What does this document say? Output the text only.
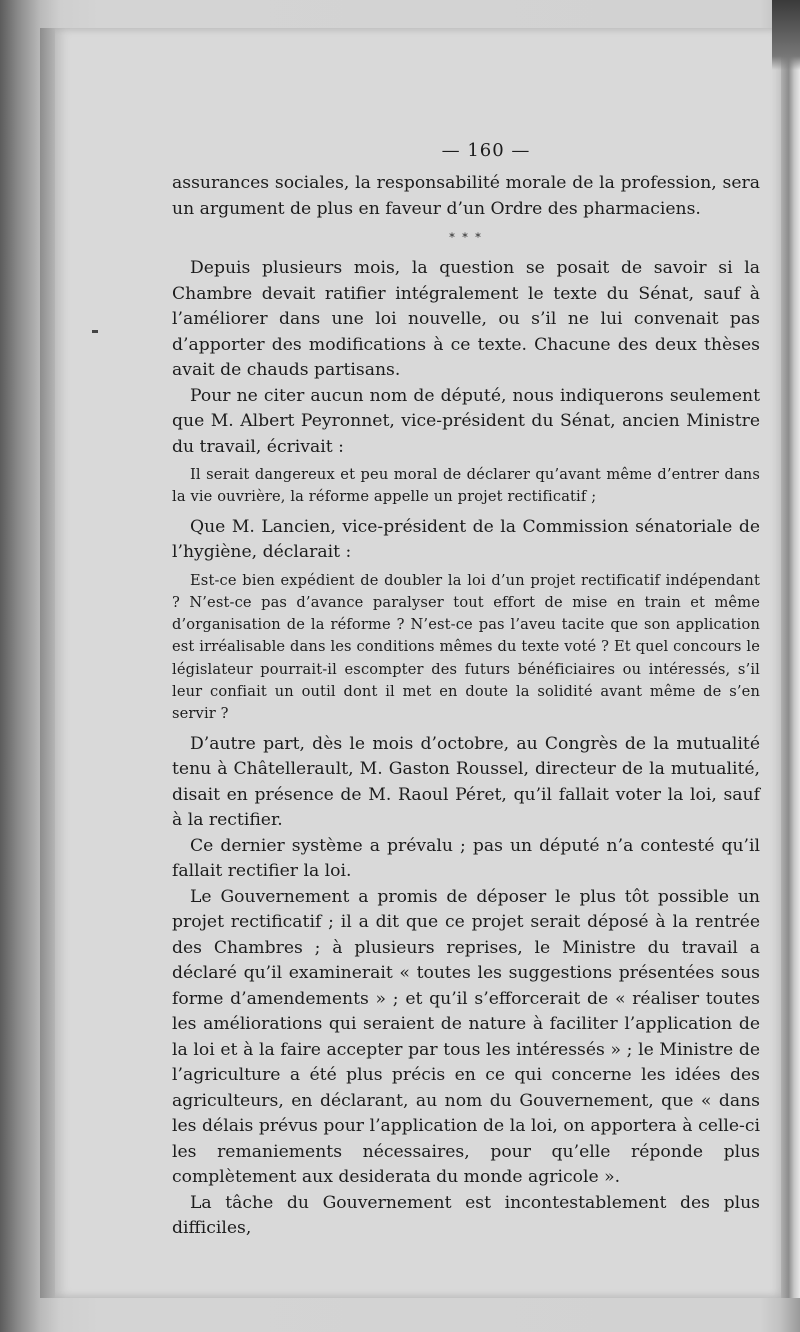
— 160 —

assurances sociales, la responsabilité morale de la profession, sera un argument de plus en faveur d’un Ordre des pharmaciens.

* * *

Depuis plusieurs mois, la question se posait de savoir si la Chambre devait ratifier intégralement le texte du Sénat, sauf à l’améliorer dans une loi nouvelle, ou s’il ne lui convenait pas d’apporter des modifications à ce texte. Chacune des deux thèses avait de chauds partisans.

Pour ne citer aucun nom de député, nous indiquerons seulement que M. Albert Peyronnet, vice-président du Sénat, ancien Ministre du travail, écrivait :

Il serait dangereux et peu moral de déclarer qu’avant même d’entrer dans la vie ouvrière, la réforme appelle un projet rectificatif ;

Que M. Lancien, vice-président de la Commission sénatoriale de l’hygiène, déclarait :

Est-ce bien expédient de doubler la loi d’un projet rectificatif indépendant ? N’est-ce pas d’avance paralyser tout effort de mise en train et même d’organisation de la réforme ? N’est-ce pas l’aveu tacite que son application est irréalisable dans les conditions mêmes du texte voté ? Et quel concours le législateur pourrait-il escompter des futurs bénéficiaires ou intéressés, s’il leur confiait un outil dont il met en doute la solidité avant même de s’en servir ?

D’autre part, dès le mois d’octobre, au Congrès de la mutualité tenu à Châtellerault, M. Gaston Roussel, directeur de la mutualité, disait en présence de M. Raoul Péret, qu’il fallait voter la loi, sauf à la rectifier.

Ce dernier système a prévalu ; pas un député n’a contesté qu’il fallait rectifier la loi.

Le Gouvernement a promis de déposer le plus tôt possible un projet rectificatif ; il a dit que ce projet serait déposé à la rentrée des Chambres ; à plusieurs reprises, le Ministre du travail a déclaré qu’il examinerait « toutes les suggestions présentées sous forme d’amendements » ; et qu’il s’efforcerait de « réaliser toutes les améliorations qui seraient de nature à faciliter l’application de la loi et à la faire accepter par tous les intéressés » ; le Ministre de l’agriculture a été plus précis en ce qui concerne les idées des agriculteurs, en déclarant, au nom du Gouvernement, que « dans les délais prévus pour l’application de la loi, on apportera à celle-ci les remaniements nécessaires, pour qu’elle réponde plus complètement aux desiderata du monde agricole ».

La tâche du Gouvernement est incontestablement des plus difficiles,
